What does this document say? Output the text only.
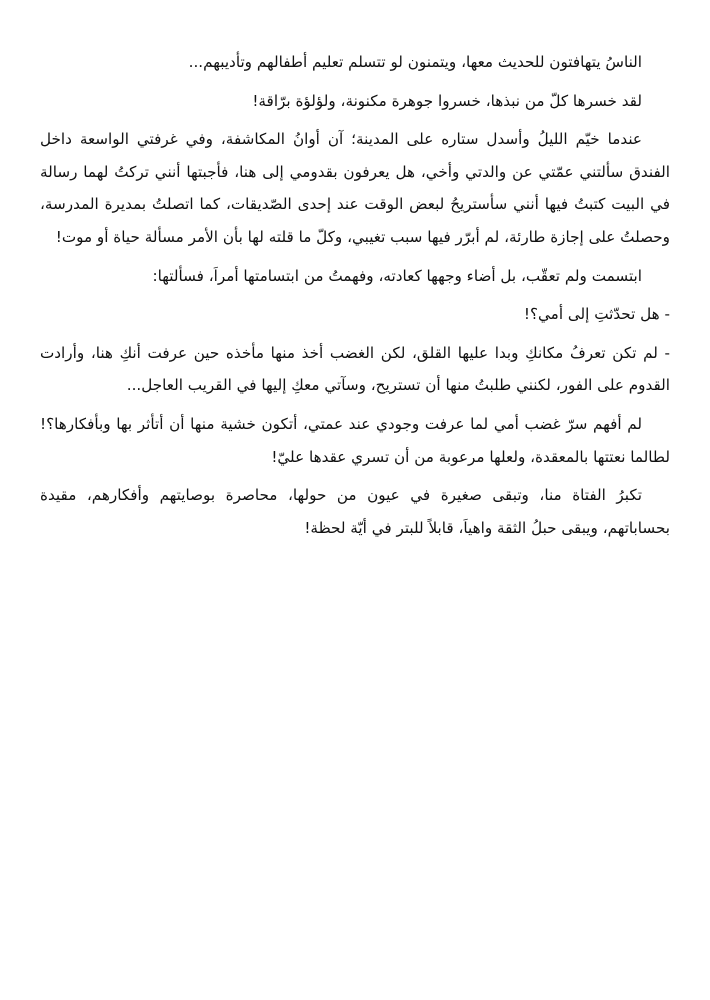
الناسُ يتهافتون للحديث معها، ويتمنون لو تتسلم تعليم أطفالهم وتأديبهم...

لقد خسرها كلّ من نبذها، خسروا جوهرة مكنونة، ولؤلؤة برّاقة!

عندما خيّم الليلُ وأسدل ستاره على المدينة؛ آن أوانُ المكاشفة، وفي غرفتي الواسعة داخل الفندق سألتني عمّتي عن والدتي وأخي، هل يعرفون بقدومي إلى هنا، فأجبتها أنني تركتُ لهما رسالة في البيت كتبتُ فيها أنني سأستريحُ لبعض الوقت عند إحدى الصّديقات، كما اتصلتُ بمديرة المدرسة، وحصلتُ على إجازة طارئة، لم أبرّر فيها سبب تغيبي، وكلّ ما قلته لها بأن الأمر مسألة حياة أو موت!

ابتسمت ولم تعقّب، بل أضاء وجهها كعادته، وفهمتُ من ابتسامتها أمراَ، فسألتها:

- هل تحدّثتِ إلى أمي؟!

- لم تكن تعرفُ مكانكِ وبدا عليها القلق، لكن الغضب أخذ منها مأخذه حين عرفت أنكِ هنا، وأرادت القدوم على الفور، لكنني طلبتُ منها أن تستريح، وسآتي معكِ إليها في القريب العاجل...

لم أفهم سرّ غضب أمي لما عرفت وجودي عند عمتي، أتكون خشية منها أن أتأثر بها وبأفكارها؟! لطالما نعتتها بالمعقدة، ولعلها مرعوبة من أن تسري عقدها عليّ!

تكبرُ الفتاة منا، وتبقى صغيرة في عيون من حولها، محاصرة بوصايتهم وأفكارهم، مقيدة بحساباتهم، ويبقى حبلُ الثقة واهياَ، قابلاً للبتر في أيّة لحظة!
